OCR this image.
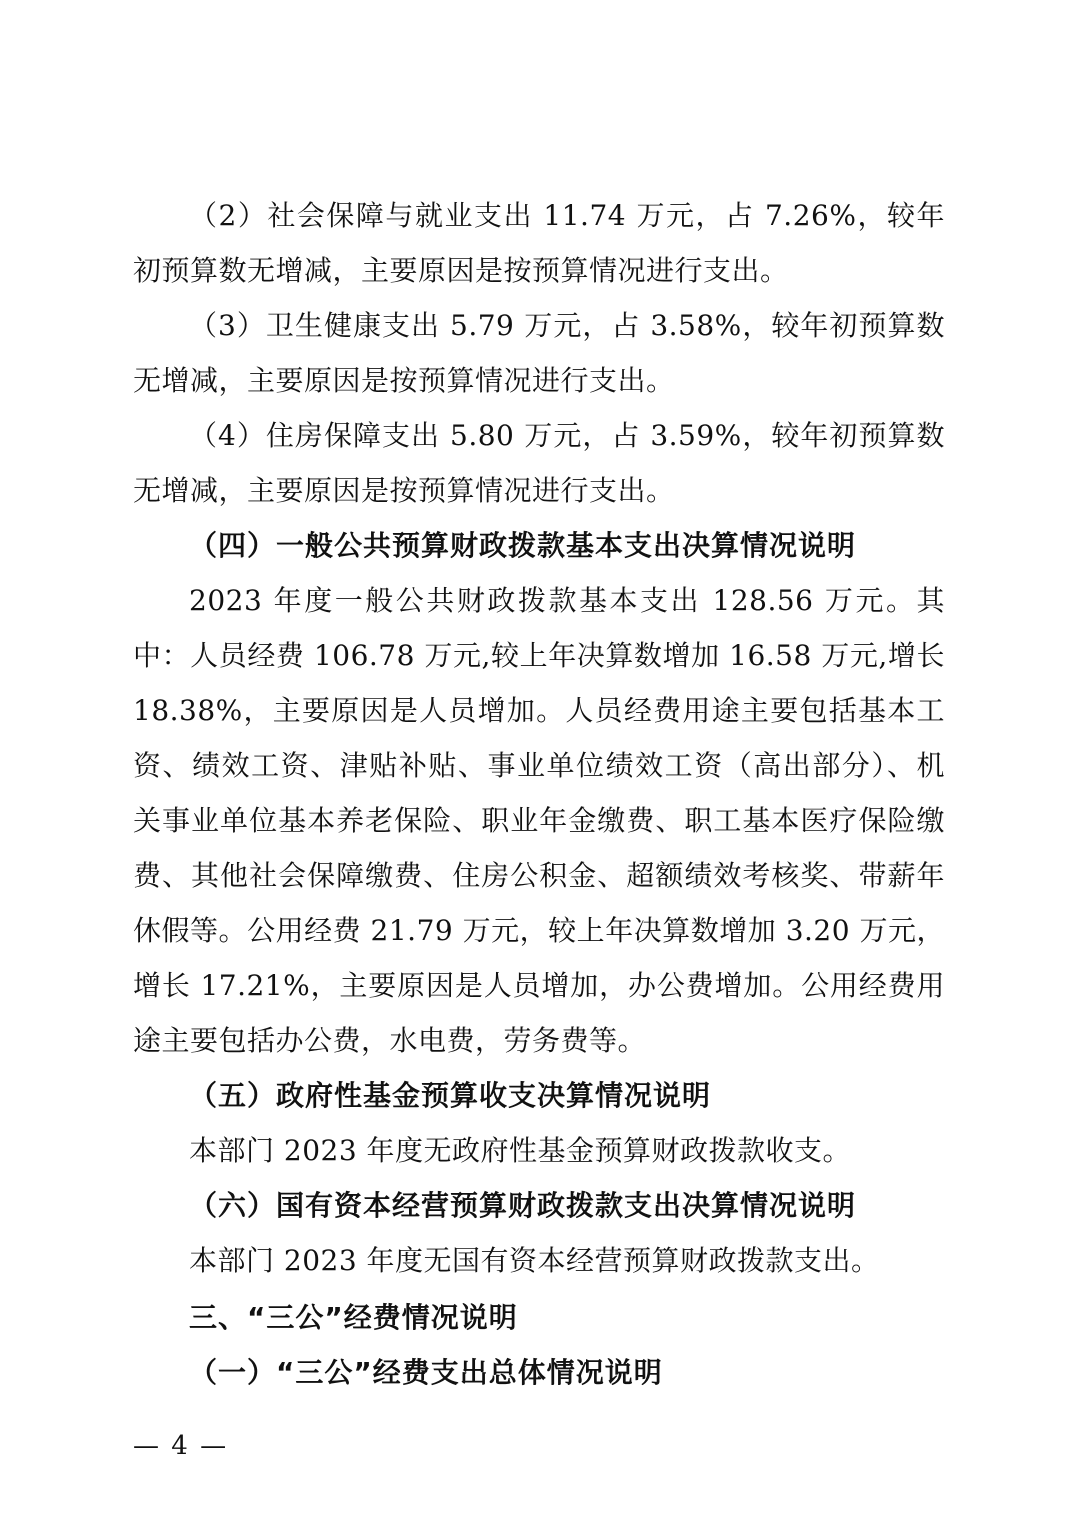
（2）社会保障与就业支出 11.74 万元，占 7.26%，较年初预算数无增减，主要原因是按预算情况进行支出。

（3）卫生健康支出 5.79 万元，占 3.58%，较年初预算数无增减，主要原因是按预算情况进行支出。

（4）住房保障支出 5.80 万元，占 3.59%，较年初预算数无增减，主要原因是按预算情况进行支出。

（四）一般公共预算财政拨款基本支出决算情况说明

2023 年度一般公共财政拨款基本支出 128.56 万元。其中：人员经费 106.78 万元,较上年决算数增加 16.58 万元,增长 18.38%，主要原因是人员增加。人员经费用途主要包括基本工资、绩效工资、津贴补贴、事业单位绩效工资（高出部分）、机关事业单位基本养老保险、职业年金缴费、职工基本医疗保险缴费、其他社会保障缴费、住房公积金、超额绩效考核奖、带薪年休假等。公用经费 21.79 万元，较上年决算数增加 3.20 万元，增长 17.21%，主要原因是人员增加，办公费增加。公用经费用途主要包括办公费，水电费，劳务费等。

（五）政府性基金预算收支决算情况说明

本部门 2023 年度无政府性基金预算财政拨款收支。

（六）国有资本经营预算财政拨款支出决算情况说明

本部门 2023 年度无国有资本经营预算财政拨款支出。

三、“三公”经费情况说明

（一）“三公”经费支出总体情况说明

— 4 —
